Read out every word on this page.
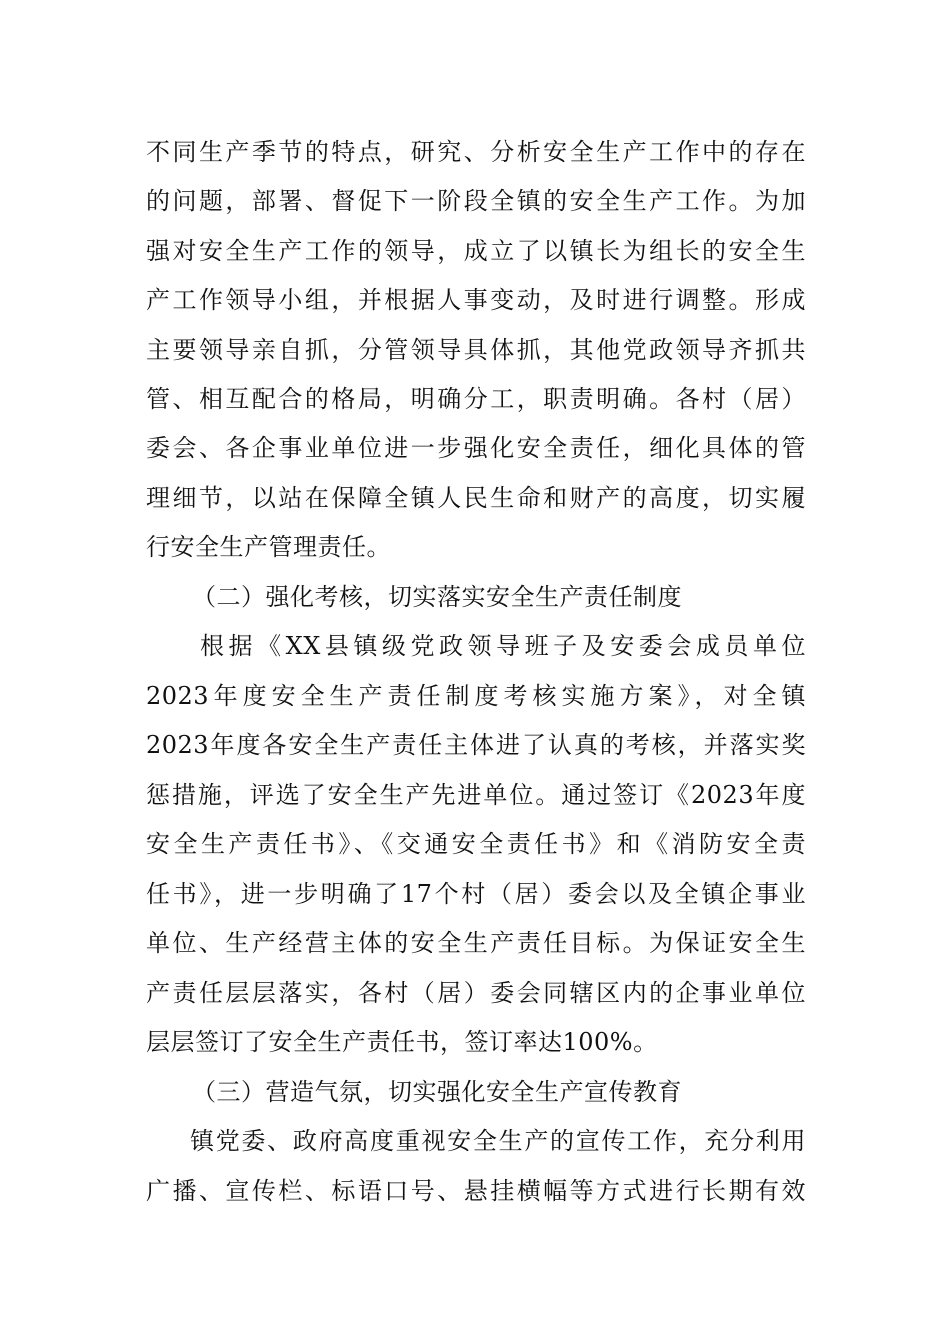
不同生产季节的特点，研究、分析安全生产工作中的存在
的问题，部署、督促下一阶段全镇的安全生产工作。为加
强对安全生产工作的领导，成立了以镇长为组长的安全生
产工作领导小组，并根据人事变动，及时进行调整。形成
主要领导亲自抓，分管领导具体抓，其他党政领导齐抓共
管、相互配合的格局，明确分工，职责明确。各村（居）
委会、各企事业单位进一步强化安全责任，细化具体的管
理细节，以站在保障全镇人民生命和财产的高度，切实履
行安全生产管理责任。
（二）强化考核，切实落实安全生产责任制度
根据《XX县镇级党政领导班子及安委会成员单位
2023年度安全生产责任制度考核实施方案》，对全镇
2023年度各安全生产责任主体进了认真的考核，并落实奖
惩措施，评选了安全生产先进单位。通过签订《2023年度
安全生产责任书》、《交通安全责任书》和《消防安全责
任书》，进一步明确了17个村（居）委会以及全镇企事业
单位、生产经营主体的安全生产责任目标。为保证安全生
产责任层层落实，各村（居）委会同辖区内的企事业单位
层层签订了安全生产责任书，签订率达100%。
（三）营造气氛，切实强化安全生产宣传教育
镇党委、政府高度重视安全生产的宣传工作，充分利用
广播、宣传栏、标语口号、悬挂横幅等方式进行长期有效
